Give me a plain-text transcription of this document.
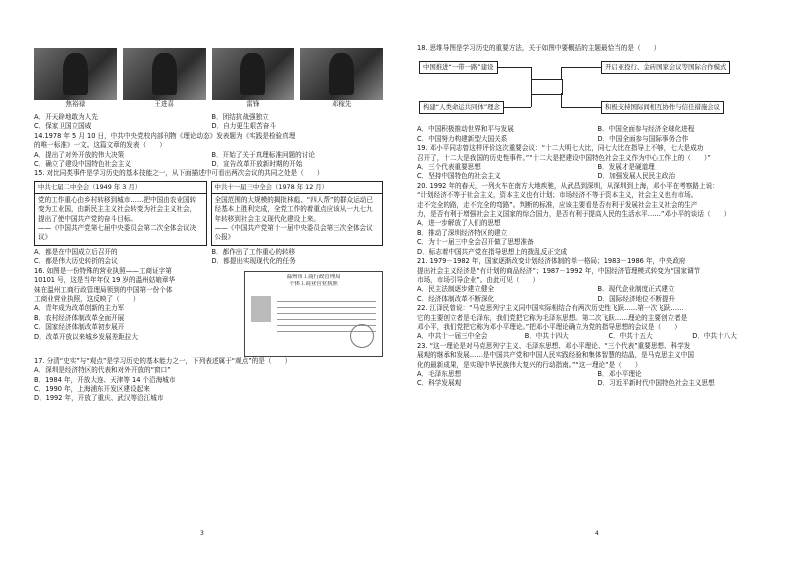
焦裕禄	王进喜	雷锋	邓稼先
A．开天辟地敢为人先	B．团结抗战强独立
C．保家卫国立国威	D．自力更生艰苦奋斗
14.1978 年 5 月 10 日，中共中央党校内部刊物《理论动态》发表题为《实践是检验真理
的唯一标准》一文。这篇文章的发表（　　）
A．提出了对外开放的伟大决策	B．开始了关于真理标准问题的讨论
C．确立了建设中国特色社会主义	D．宣告改革开放新时期的开始
15. 对比同类事件是学习历史的基本技能之一，从下面描述中可看出两次会议的共同之处是（　　）
中共七届二中全会（1949 年 3 月）
党的工作重心由乡村转移到城市……把中国由农业国转变为工业国，由新民主主义社会转变为社会主义社会，提出了使中国共产党的奋斗目标。
——《中国共产党第七届中央委员会第二次全体会议决议》
中共十一届三中全会（1978 年 12 月）
全国范围的大规模的揭批林彪、“四人帮”的群众运动已经基本上胜利完成，全党工作的着重点应该从一九七九年转移到社会主义现代化建设上来。
——《中国共产党第十一届中央委员会第三次全体会议公报》
A．都是在中国成立后召开的	B．都作出了工作重心的转移
C．都是伟大历史转折的会议	D．都提出实现现代化的任务
16. 如图是一份特殊的营业执照——工商证字第
10101 号，这是当年年仅 19 岁的温州姑娘章华
妹在温州工商行政管理局领到的中国第一份个体
工商业营业执照，这反映了（　　）
A．青年成为改革创新的主力军
B．农村经济体制改革全面开展
C．国家经济体制改革初步展开
D．改革开放以来城乡发展差距拉大
温州市工商行政管理局
个体工商业营业执照
17. 分清“史实”与“观点”是学习历史的基本能力之一，下列表述属于“观点”的是（　　）
A．深圳是经济特区的代表和对外开放的“窗口”
B．1984 年，开放大连、天津等 14 个沿海城市
C．1990 年，上海浦东开发区建设起来
D．1992 年，开放了重庆、武汉等沿江城市
3
18. 思维导图是学习历史的重要方法，关于如图中要概括的主题最恰当的是（　　）
中国推进“一带一路”建设	开启亚投行、金砖国家会议等国际合作模式
构建“人类命运共同体”理念	积极支持国际间相互协作与信任措施会议
A．中国积极推动世界和平与发展	B．中国全面参与经济全球化进程
C．中国努力构建新型大国关系	D．中国全面参与国际事务合作
19. 邓小平同志曾这样评价这次重要会议：“十二大明七大比，同七大比在指导上不够，七大是成功
召开了，十二大是我国的历史性事件。”“十二大是把建设中国特色社会主义作为中心工作上的（　　）”
A．三个代表重要思想	B．发展才是硬道理
C．坚持中国特色的社会主义	D．加强发展人民民主政治
20. 1992 年的春天，一列火车在南方大地疾驰，从武昌到深圳，从深圳到上海，邓小平在考察路上说：
“计划经济不等于社会主义，资本主义也有计划；市场经济不等于资本主义，社会主义也有市场。
走不完全的路，走不完全的弯路”。判断的标准，应该主要看是否有利于发展社会主义社会的生产
力，是否有利于增强社会主义国家的综合国力，是否有利于提高人民的生活水平……”邓小平的谈话（　　）
A．进一步解放了人们的思想
B．推动了深圳经济特区的建立
C．为十一届三中全会召开做了思想准备
D．标志着中国共产党在指导思想上的拨乱反正完成
21. 1979－1982 年，国家逐渐改变计划经济体制的单一格局；1983－1986 年，中央政府
提出社会主义经济是“有计划的商品经济”；1987－1992 年，中国经济管理模式转变为“国家调节
市场，市场引导企业”。由此可见（　　）
A．民主法制逐步建立健全	B．现代企业制度正式建立
C．经济体制改革不断深化	D．国际经济地位不断提升
22. 江泽民曾说：“马克思列宁主义同中国实际相结合有两次历史性飞跃……第一次飞跃……
它的主要创立者是毛泽东，我们党把它称为毛泽东思想。第二次飞跃……理论的主要创立者是
邓小平，我们党把它称为邓小平理论。”把邓小平理论确立为党的指导思想的会议是（　　）
A．中共十一届三中全会	B．中共十四大	C．中共十五大	D．中共十八大
23. “这一理论是对马克思列宁主义、毛泽东思想、邓小平理论、“三个代表”重要思想、科学发
展观的继承和发展……是中国共产党和中国人民实践经验和集体智慧的结晶，是马克思主义中国
化的最新成果，是实现中华民族伟大复兴的行动指南。”“这一理论”是（　　）
A．毛泽东思想	B．邓小平理论
C．科学发展观	D．习近平新时代中国特色社会主义思想
4
